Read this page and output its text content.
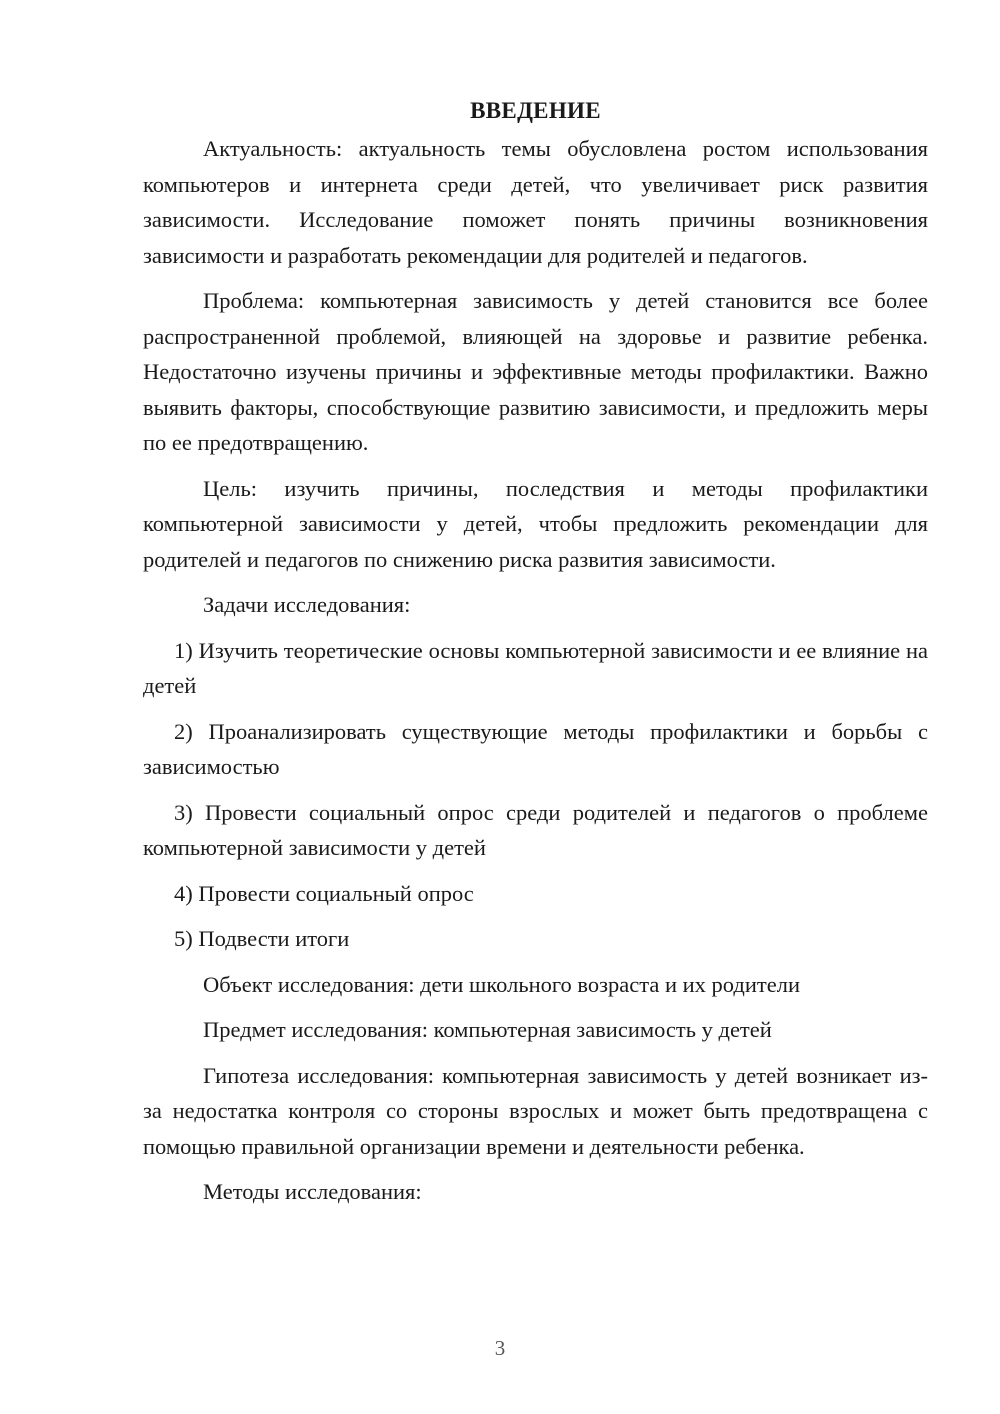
ВВЕДЕНИЕ

Актуальность: актуальность темы обусловлена ростом использования компьютеров и интернета среди детей, что увеличивает риск развития зависимости. Исследование поможет понять причины возникновения зависимости и разработать рекомендации для родителей и педагогов.

Проблема: компьютерная зависимость у детей становится все более распространенной проблемой, влияющей на здоровье и развитие ребенка. Недостаточно изучены причины и эффективные методы профилактики. Важно выявить факторы, способствующие развитию зависимости, и предложить меры по ее предотвращению.

Цель: изучить причины, последствия и методы профилактики компьютерной зависимости у детей, чтобы предложить рекомендации для родителей и педагогов по снижению риска развития зависимости.

Задачи исследования:

1) Изучить теоретические основы компьютерной зависимости и ее влияние на детей

2) Проанализировать существующие методы профилактики и борьбы с зависимостью

3) Провести социальный опрос среди родителей и педагогов о проблеме компьютерной зависимости у детей

4) Провести социальный опрос

5) Подвести итоги

Объект исследования: дети школьного возраста и их родители

Предмет исследования: компьютерная зависимость у детей

Гипотеза исследования: компьютерная зависимость у детей возникает из-за недостатка контроля со стороны взрослых и может быть предотвращена с помощью правильной организации времени и деятельности ребенка.

Методы исследования:

3
